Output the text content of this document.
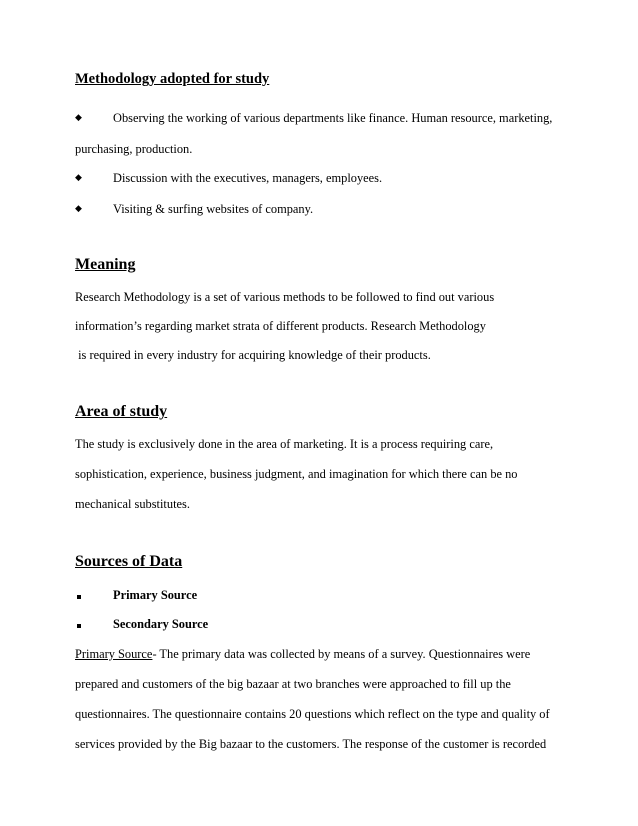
Methodology adopted for study
◆	Observing the working of various departments like finance. Human resource, marketing,
purchasing, production.
◆	Discussion with the executives, managers, employees.
◆	Visiting & surfing websites of company.
Meaning
Research Methodology is a set of various methods to be followed to find out various
information’s regarding market strata of different products. Research Methodology
is required in every industry for acquiring knowledge of their products.
Area of study
The study is exclusively done in the area of marketing. It is a process requiring care,
sophistication, experience, business judgment, and imagination for which there can be no
mechanical substitutes.
Sources of Data
Primary Source
Secondary Source
Primary Source- The primary data was collected by means of a survey. Questionnaires were
prepared and customers of the big bazaar at two branches were approached to fill up the
questionnaires. The questionnaire contains 20 questions which reflect on the type and quality of
services provided by the Big bazaar to the customers. The response of the customer is recorded
